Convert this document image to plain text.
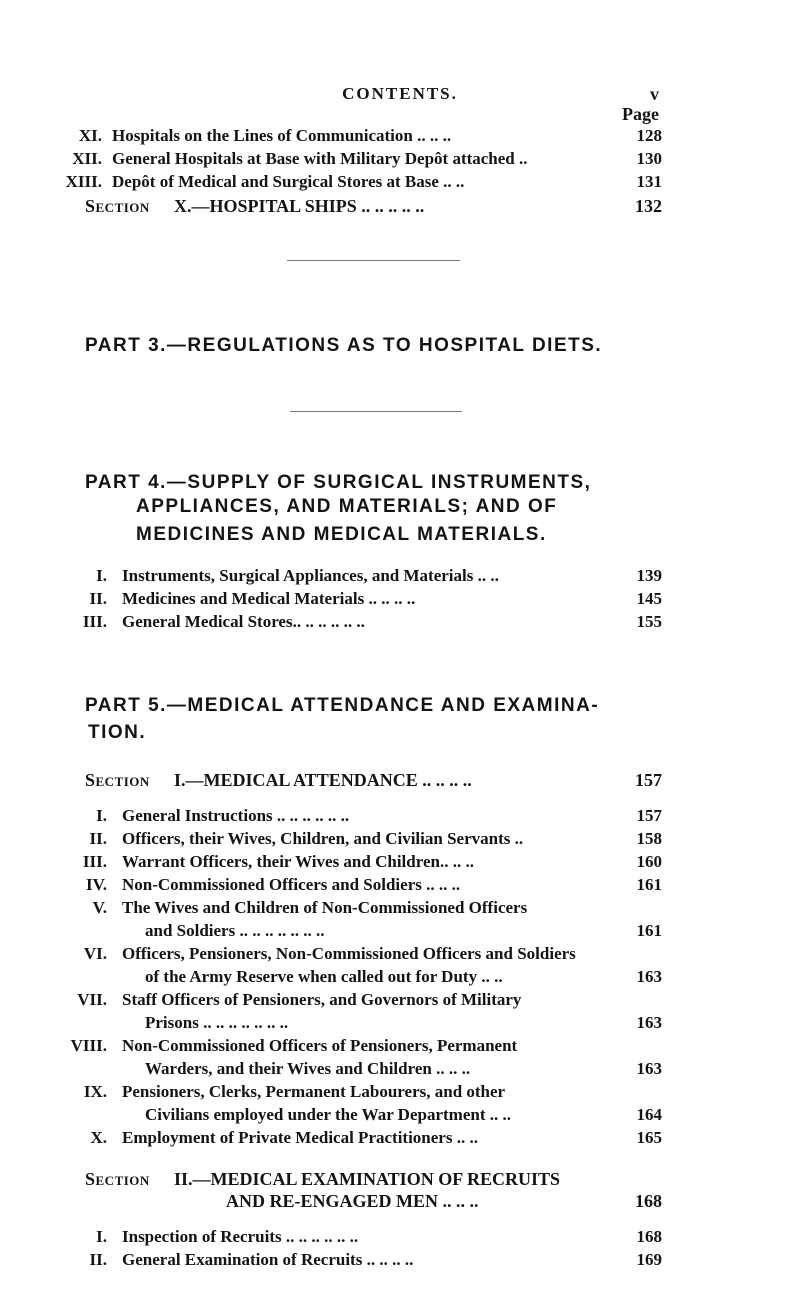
CONTENTS.	v
Page
XI. Hospitals on the Lines of Communication .. .. ..	128
XII. General Hospitals at Base with Military Depôt attached ..	130
XIII. Depôt of Medical and Surgical Stores at Base .. ..	131
Section X.—HOSPITAL SHIPS .. .. .. .. ..	132
PART 3.—REGULATIONS AS TO HOSPITAL DIETS.
PART 4.—SUPPLY OF SURGICAL INSTRUMENTS,
APPLIANCES, AND MATERIALS; AND OF
MEDICINES AND MEDICAL MATERIALS.
I. Instruments, Surgical Appliances, and Materials .. ..	139
II. Medicines and Medical Materials .. .. .. ..	145
III. General Medical Stores.. .. .. .. .. ..	155
PART 5.—MEDICAL ATTENDANCE AND EXAMINA-
TION.
Section I.—MEDICAL ATTENDANCE .. .. .. ..	157
I. General Instructions .. .. .. .. .. ..	157
II. Officers, their Wives, Children, and Civilian Servants ..	158
III. Warrant Officers, their Wives and Children.. .. ..	160
IV. Non-Commissioned Officers and Soldiers .. .. ..	161
V. The Wives and Children of Non-Commissioned Officers
and Soldiers .. .. .. .. .. .. ..	161
VI. Officers, Pensioners, Non-Commissioned Officers and Soldiers
of the Army Reserve when called out for Duty .. ..	163
VII. Staff Officers of Pensioners, and Governors of Military
Prisons .. .. .. .. .. .. ..	163
VIII. Non-Commissioned Officers of Pensioners, Permanent
Warders, and their Wives and Children .. .. ..	163
IX. Pensioners, Clerks, Permanent Labourers, and other
Civilians employed under the War Department .. ..	164
X. Employment of Private Medical Practitioners .. ..	165
Section II.—MEDICAL EXAMINATION OF RECRUITS
AND RE-ENGAGED MEN .. .. ..	168
I. Inspection of Recruits .. .. .. .. .. ..	168
II. General Examination of Recruits .. .. .. ..	169
